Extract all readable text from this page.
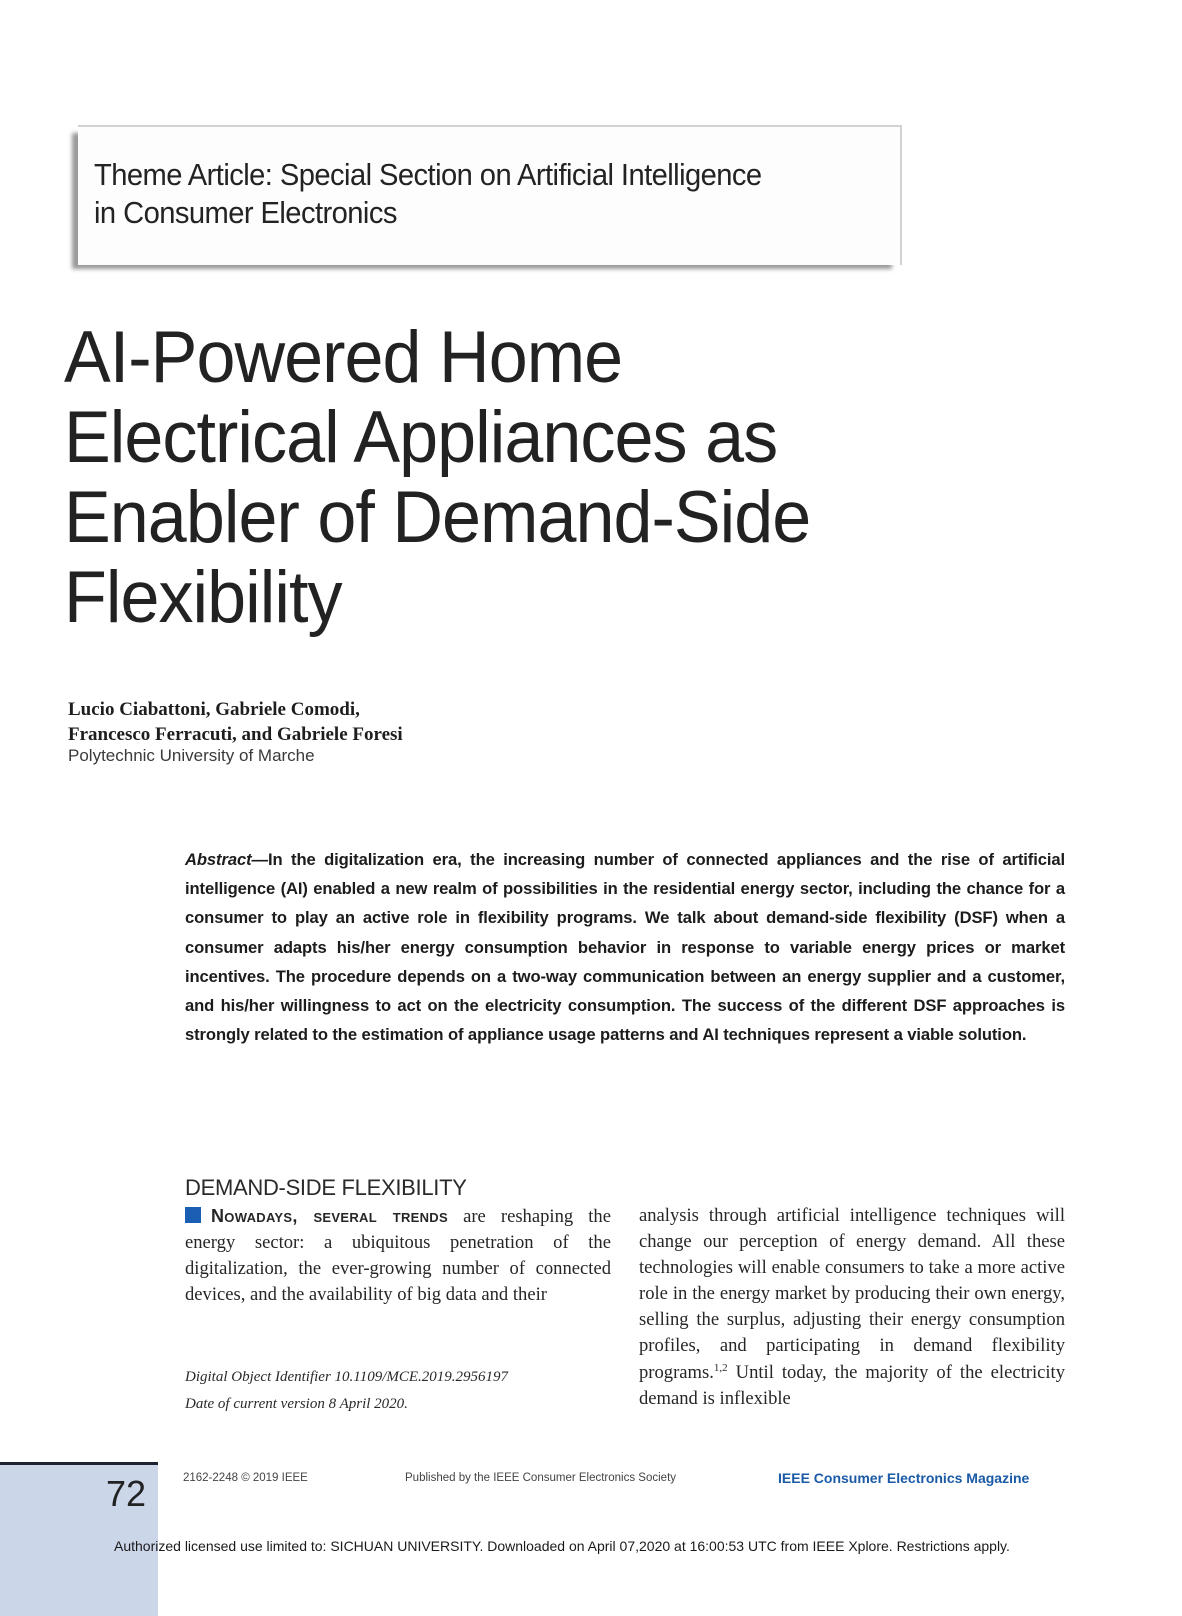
Theme Article: Special Section on Artificial Intelligence
in Consumer Electronics
AI-Powered Home
Electrical Appliances as
Enabler of Demand-Side
Flexibility
Lucio Ciabattoni, Gabriele Comodi,
Francesco Ferracuti, and Gabriele Foresi
Polytechnic University of Marche
Abstract—In the digitalization era, the increasing number of connected appliances and the rise of artificial intelligence (AI) enabled a new realm of possibilities in the residential energy sector, including the chance for a consumer to play an active role in flexibility programs. We talk about demand-side flexibility (DSF) when a consumer adapts his/her energy consumption behavior in response to variable energy prices or market incentives. The procedure depends on a two-way communication between an energy supplier and a customer, and his/her willingness to act on the electricity consumption. The success of the different DSF approaches is strongly related to the estimation of appliance usage patterns and AI techniques represent a viable solution.
DEMAND-SIDE FLEXIBILITY

Nowadays, several trends are reshaping the energy sector: a ubiquitous penetration of the digitalization, the ever-growing number of connected devices, and the availability of big data and their

analysis through artificial intelligence techniques will change our perception of energy demand. All these technologies will enable consumers to take a more active role in the energy market by producing their own energy, selling the surplus, adjusting their energy consumption profiles, and participating in demand flexibility programs.$^{1,2}$ Until today, the majority of the electricity demand is inflexible

Digital Object Identifier 10.1109/MCE.2019.2956197
Date of current version 8 April 2020.
72	2162-2248 © 2019 IEEE	Published by the IEEE Consumer Electronics Society	IEEE Consumer Electronics Magazine
Authorized licensed use limited to: SICHUAN UNIVERSITY. Downloaded on April 07,2020 at 16:00:53 UTC from IEEE Xplore. Restrictions apply.
